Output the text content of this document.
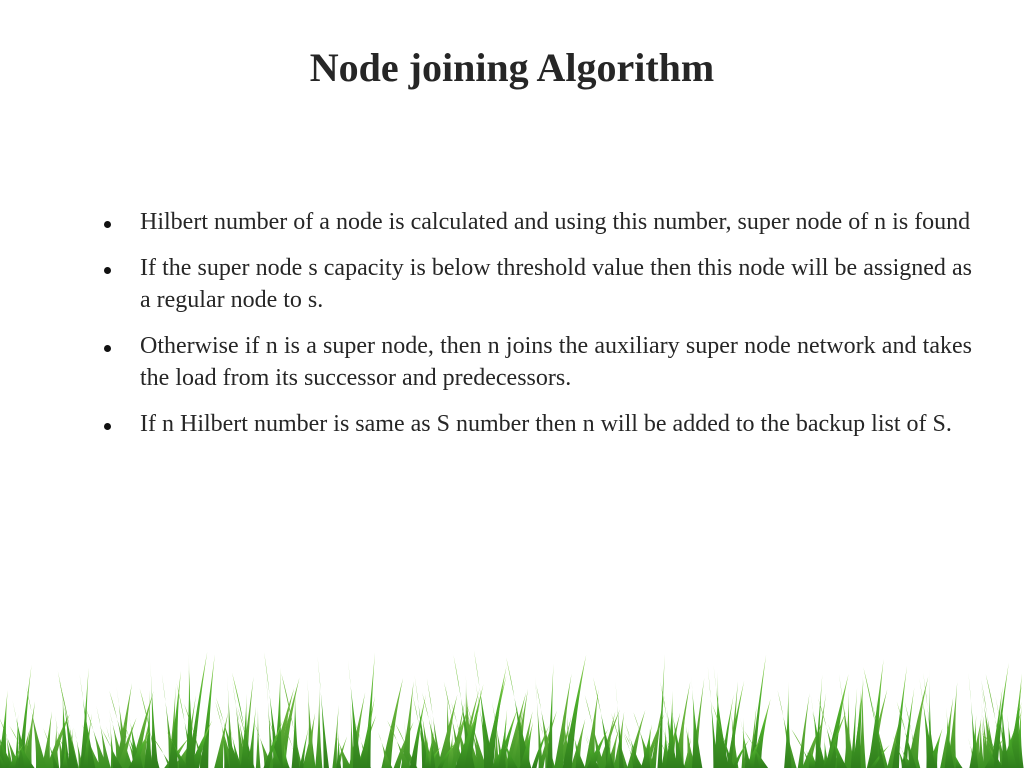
Node joining Algorithm
Hilbert number of a node is calculated and using this number, super node of n is found
If the super node s capacity is below threshold value then this node will be assigned as a regular node to s.
Otherwise if n is a super node, then n joins the auxiliary super node network and takes the load from its successor and predecessors.
If n Hilbert number is same as S number then n will be added to the backup list of S.
